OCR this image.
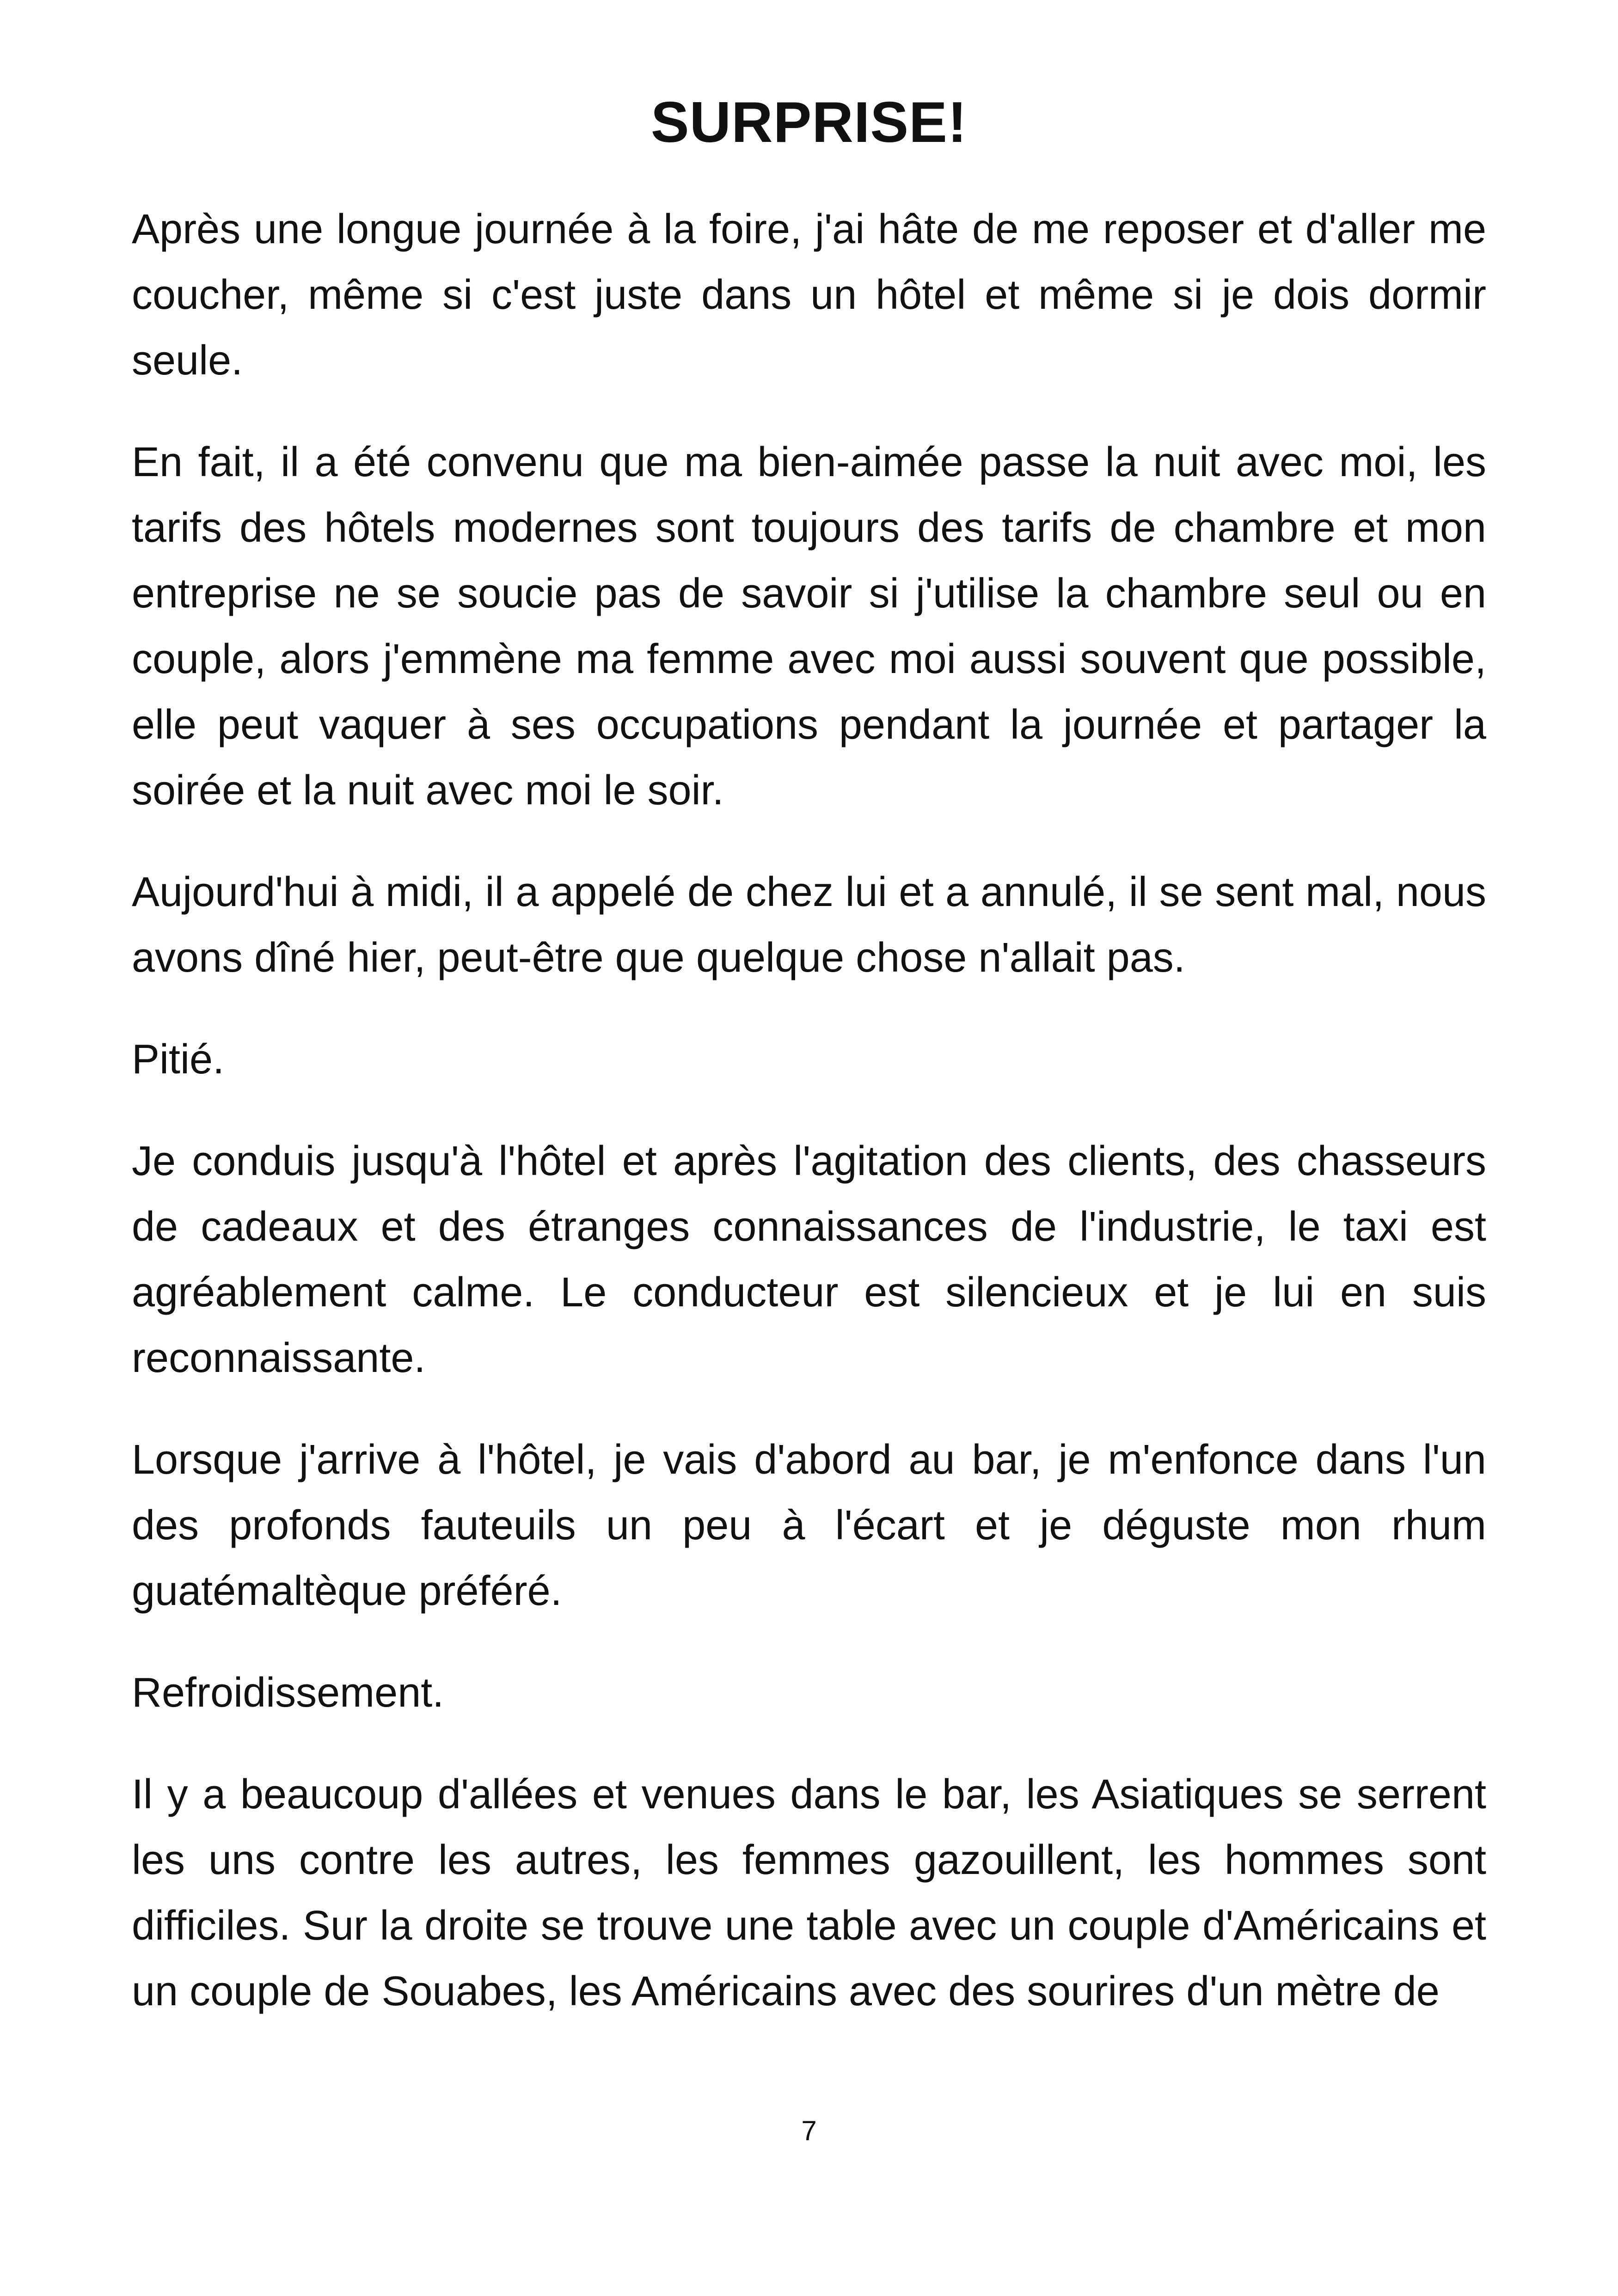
SURPRISE!

Après une longue journée à la foire, j'ai hâte de me reposer et d'aller me coucher, même si c'est juste dans un hôtel et même si je dois dormir seule.

En fait, il a été convenu que ma bien-aimée passe la nuit avec moi, les tarifs des hôtels modernes sont toujours des tarifs de chambre et mon entreprise ne se soucie pas de savoir si j'utilise la chambre seul ou en couple, alors j'emmène ma femme avec moi aussi souvent que possible, elle peut vaquer à ses occupations pendant la journée et partager la soirée et la nuit avec moi le soir.

Aujourd'hui à midi, il a appelé de chez lui et a annulé, il se sent mal, nous avons dîné hier, peut-être que quelque chose n'allait pas.

Pitié.

Je conduis jusqu'à l'hôtel et après l'agitation des clients, des chasseurs de cadeaux et des étranges connaissances de l'industrie, le taxi est agréablement calme. Le conducteur est silencieux et je lui en suis reconnaissante.

Lorsque j'arrive à l'hôtel, je vais d'abord au bar, je m'enfonce dans l'un des profonds fauteuils un peu à l'écart et je déguste mon rhum guatémaltèque préféré.

Refroidissement.

Il y a beaucoup d'allées et venues dans le bar, les Asiatiques se serrent les uns contre les autres, les femmes gazouillent, les hommes sont difficiles. Sur la droite se trouve une table avec un couple d'Américains et un couple de Souabes, les Américains avec des sourires d'un mètre de

7
